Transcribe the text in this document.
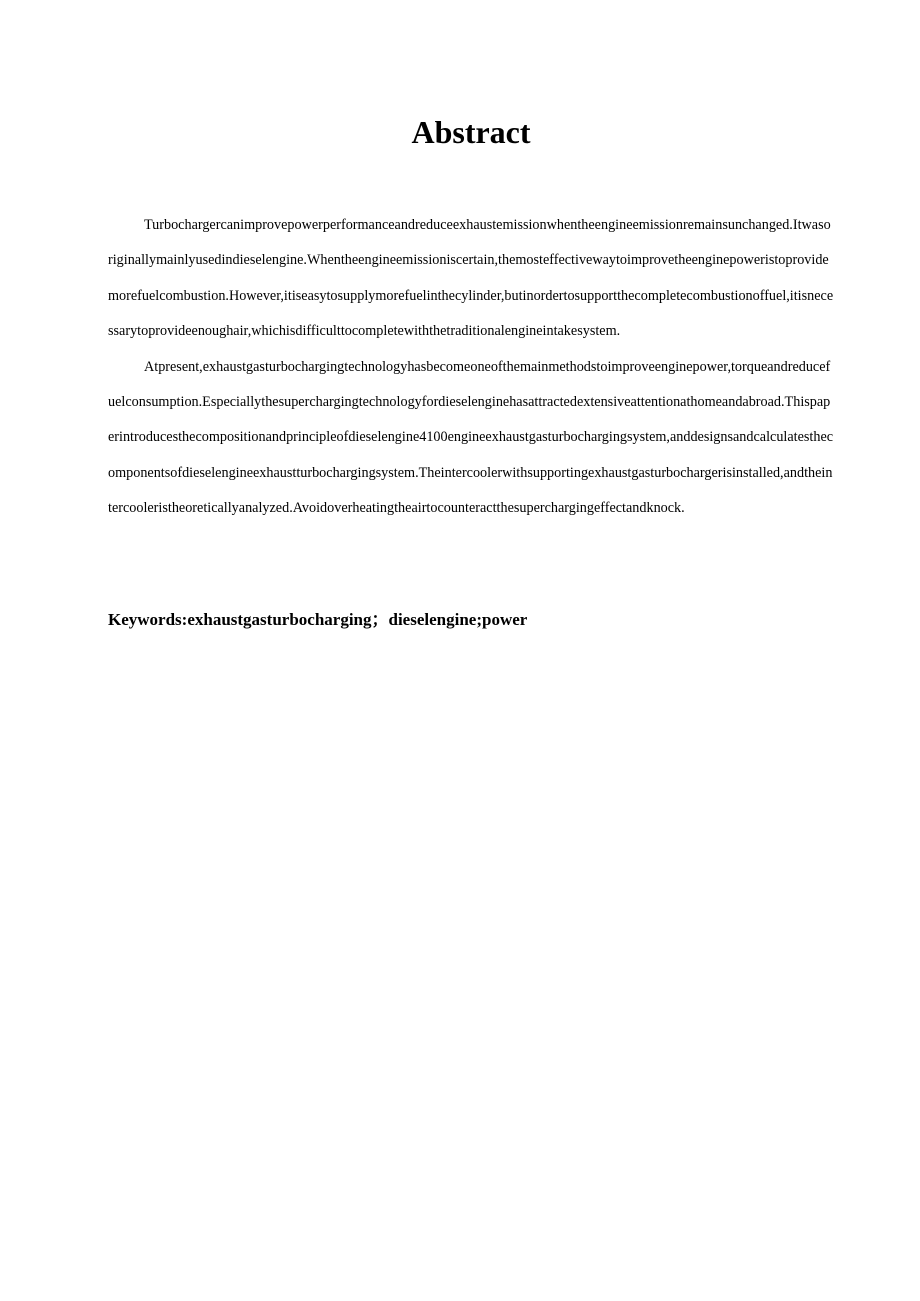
Abstract

Turbochargercanimprovepowerperformanceandreduceexhaustemissionwhentheengineemissionremainsunchanged.Itwasoriginallymainlyusedindieselengine.Whentheengineemissioniscertain,themosteffectivewaytoimprovetheenginepoweristoprovidemorefuelcombustion.However,itiseasytosupplymorefuelinthecylinder,butinordertosupportthecompletecombustionoffuel,itisnecessarytoprovideenoughair,whichisdifficulttocompletewiththetraditionalengineintakesystem.

Atpresent,exhaustgasturbochargingtechnologyhasbecomeoneofthemainmethodstoimproveenginepower,torqueandreducefuelconsumption.Especiallythesuperchargingtechnologyfordieselenginehasattractedextensiveattentionathomeandabroad.Thispaperintroducesthecompositionandprincipleofdieselengine4100engineexhaustgasturbochargingsystem,anddesignsandcalculatesthecomponentsofdieselengineexhaustturbochargingsystem.Theintercoolerwithsupportingexhaustgasturbochargerisinstalled,andtheintercooleristheoreticallyanalyzed.Avoidoverheatingtheairtocounteractthesuperchargingeffectandknock.

Keywords:exhaustgasturbocharging；dieselengine;power
